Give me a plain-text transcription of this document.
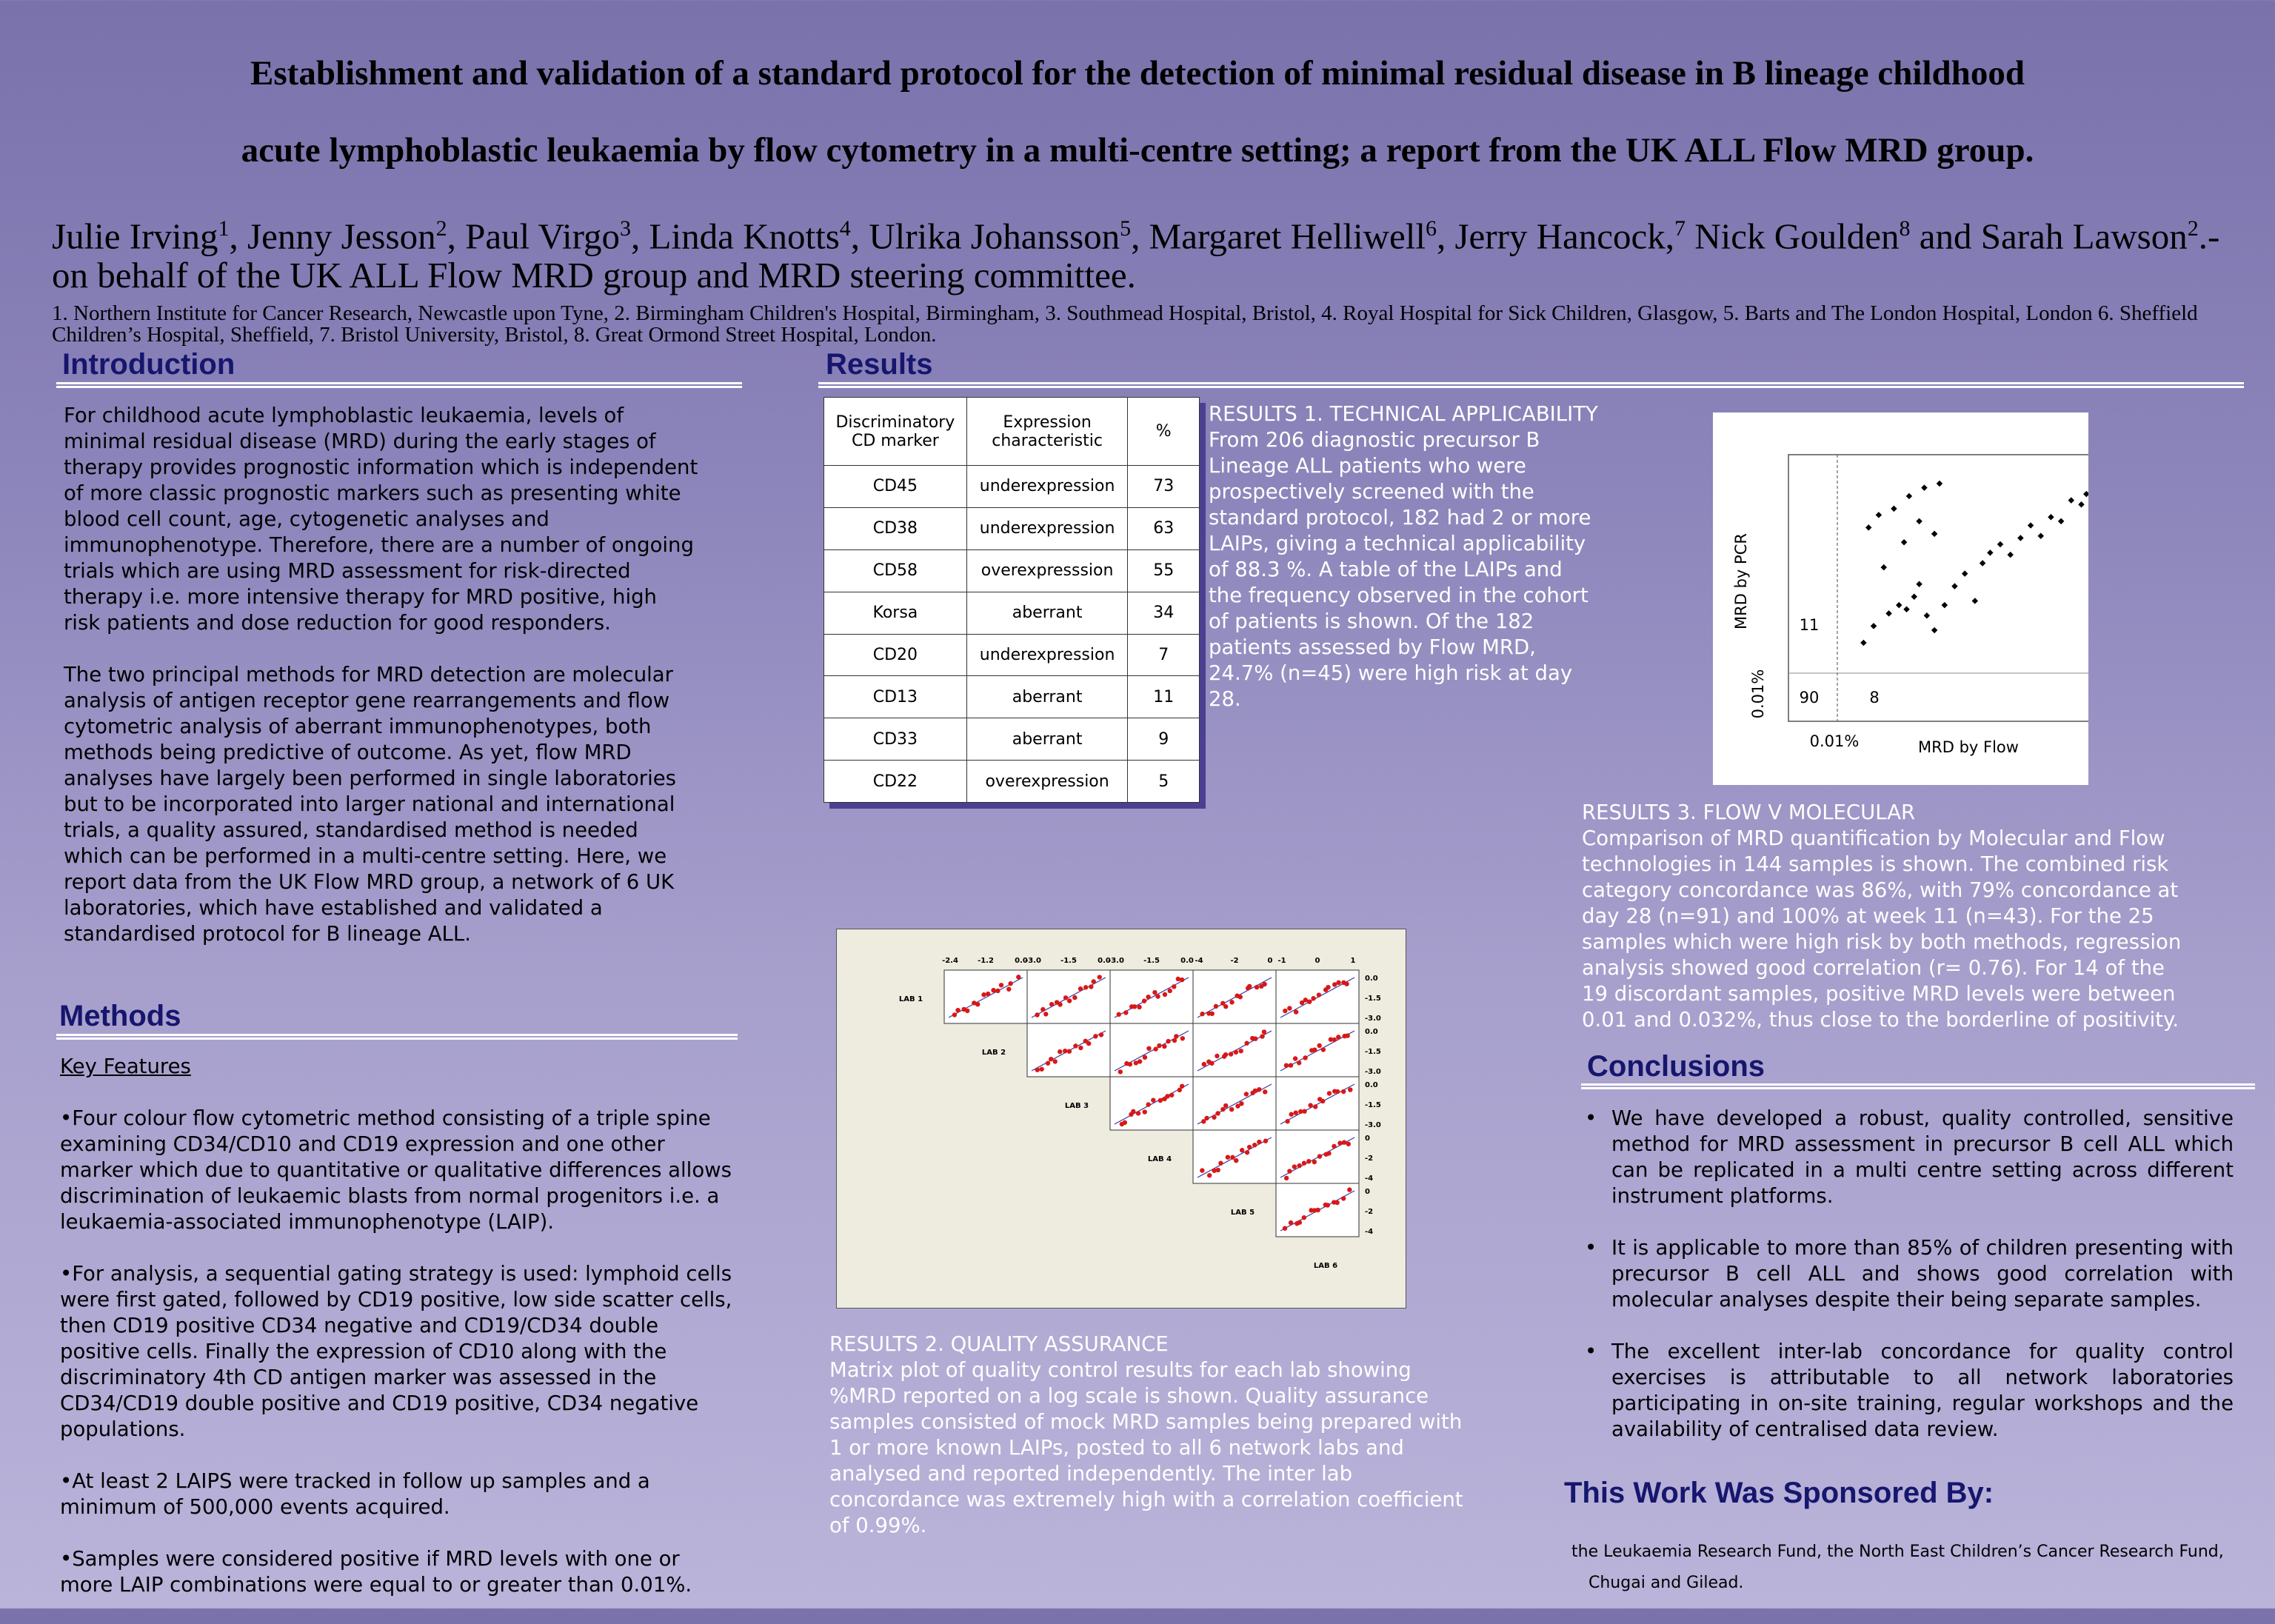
Establishment and validation of a standard protocol for the detection of minimal residual disease in B lineage childhood
acute lymphoblastic leukaemia by flow cytometry in a multi-centre setting; a report from the UK ALL Flow MRD group.
Julie Irving$^1$, Jenny Jesson$^2$, Paul Virgo$^3$, Linda Knotts$^4$, Ulrika Johansson$^5$, Margaret Helliwell$^6$, Jerry Hancock,$^7$ Nick Goulden$^8$ and Sarah Lawson$^2$.- on behalf of the UK ALL Flow MRD group and MRD steering committee.
1. Northern Institute for Cancer Research, Newcastle upon Tyne, 2. Birmingham Children's Hospital, Birmingham, 3. Southmead Hospital, Bristol, 4. Royal Hospital for Sick Children, Glasgow, 5. Barts and The London Hospital, London 6. Sheffield Children’s Hospital, Sheffield, 7. Bristol University, Bristol, 8. Great Ormond Street Hospital, London.
Introduction

For childhood acute lymphoblastic leukaemia, levels of
minimal residual disease (MRD) during the early stages of
therapy provides prognostic information which is independent
of more classic prognostic markers such as presenting white
blood cell count, age, cytogenetic analyses and
immunophenotype. Therefore, there are a number of ongoing
trials which are using MRD assessment for risk-directed
therapy i.e. more intensive therapy for MRD positive, high
risk patients and dose reduction for good responders.

The two principal methods for MRD detection are molecular
analysis of antigen receptor gene rearrangements and flow
cytometric analysis of aberrant immunophenotypes, both
methods being predictive of outcome. As yet, flow MRD
analyses have largely been performed in single laboratories
but to be incorporated into larger national and international
trials, a quality assured, standardised method is needed
which can be performed in a multi-centre setting. Here, we
report data from the UK Flow MRD group, a network of 6 UK
laboratories, which have established and validated a
standardised protocol for B lineage ALL.

Methods

Key Features

•Four colour flow cytometric method consisting of a triple spine
examining CD34/CD10 and CD19 expression and one other
marker which due to quantitative or qualitative differences allows
discrimination of leukaemic blasts from normal progenitors i.e. a
leukaemia-associated immunophenotype (LAIP).

•For analysis, a sequential gating strategy is used: lymphoid cells
were first gated, followed by CD19 positive, low side scatter cells,
then CD19 positive CD34 negative and CD19/CD34 double
positive cells. Finally the expression of CD10 along with the
discriminatory 4th CD antigen marker was assessed in the
CD34/CD19 double positive and CD19 positive, CD34 negative
populations.

•At least 2 LAIPS were tracked in follow up samples and a
minimum of 500,000 events acquired.

•Samples were considered positive if MRD levels with one or
more LAIP combinations were equal to or greater than 0.01%.

Results
Discriminatory CD marker	Expression characteristic	%
CD45	underexpression	73
CD38	underexpression	63
CD58	overexpresssion	55
Korsa	aberrant	34
CD20	underexpression	7
CD13	aberrant	11
CD33	aberrant	9
CD22	overexpression	5
RESULTS 1. TECHNICAL APPLICABILITY
From 206 diagnostic precursor B
Lineage ALL patients who were
prospectively screened with the
standard protocol, 182 had 2 or more
LAIPs, giving a technical applicability
of 88.3 %. A table of the LAIPs and
the frequency observed in the cohort
of patients is shown. Of the 182
patients assessed by Flow MRD,
24.7% (n=45) were high risk at day
28.
11
90	8
0.01%	MRD by Flow
0.01%
MRD by PCR
RESULTS 3. FLOW V MOLECULAR
Comparison of MRD quantification by Molecular and Flow
technologies in 144 samples is shown. The combined risk
category concordance was 86%, with 79% concordance at
day 28 (n=91) and 100% at week 11 (n=43). For the 25
samples which were high risk by both methods, regression
analysis showed good correlation (r= 0.76). For 14 of the
19 discordant samples, positive MRD levels were between
0.01 and 0.032%, thus close to the borderline of positivity.
-2.4	-1.2	0.0
-3.0	-1.5	0.0
-3.0	-1.5	0.0 -4	-2	0 -1	0	1
0.0
-1.5
-3.0
0.0
-1.5
-3.0
0.0
-1.5
-3.0
0
-2
-4
0
-2
-4
LAB 1
LAB 2
LAB 3
LAB 4
LAB 5
LAB 6
RESULTS 2. QUALITY ASSURANCE
Matrix plot of quality control results for each lab showing
%MRD reported on a log scale is shown. Quality assurance
samples consisted of mock MRD samples being prepared with
1 or more known LAIPs, posted to all 6 network labs and
analysed and reported independently. The inter lab
concordance was extremely high with a correlation coefficient
of 0.99%.
Conclusions
• We have developed a robust, quality controlled, sensitive method for MRD assessment in precursor B cell ALL which can be replicated in a multi centre setting across different instrument platforms.
• It is applicable to more than 85% of children presenting with precursor B cell ALL and shows good correlation with molecular analyses despite their being separate samples.
• The excellent inter-lab concordance for quality control exercises is attributable to all network laboratories participating in on-site training, regular workshops and the availability of centralised data review.
This Work Was Sponsored By:
the Leukaemia Research Fund, the North East Children’s Cancer Research Fund,
Chugai and Gilead.
